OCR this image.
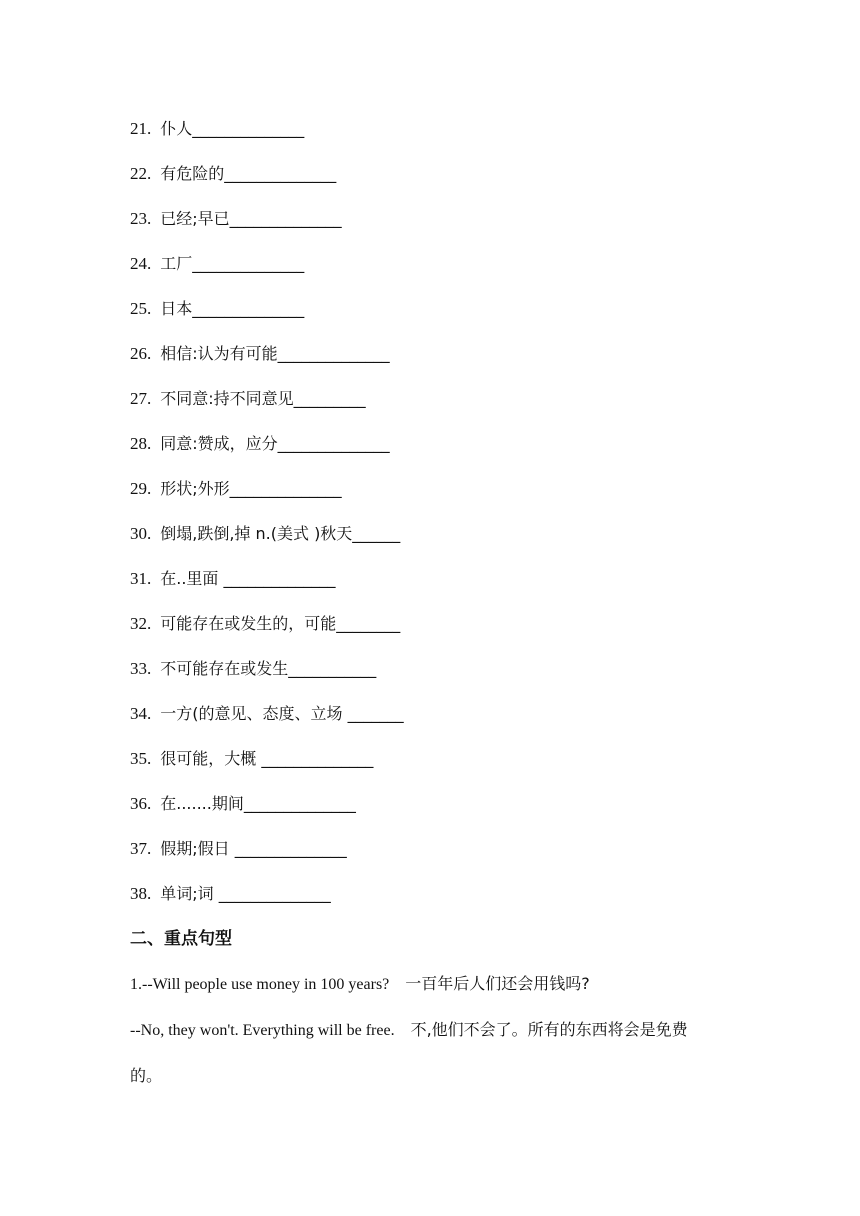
21. 仆人______________
22. 有危险的______________
23. 已经;早已______________
24. 工厂______________
25. 日本______________
26. 相信:认为有可能______________
27. 不同意:持不同意见_________
28. 同意:赞成，应分______________
29. 形状;外形______________
30. 倒塌,跌倒,掉 n.(美式 )秋天______
31. 在..里面 ______________
32. 可能存在或发生的，可能________
33. 不可能存在或发生___________
34. 一方(的意见、态度、立场 _______
35. 很可能，大概 ______________
36. 在.......期间______________
37. 假期;假日 ______________
38. 单词;词 ______________
二、重点句型
1.--Will people use money in 100 years? 一百年后人们还会用钱吗?
--No, they won't. Everything will be free. 不,他们不会了。所有的东西将会是免费
的。
